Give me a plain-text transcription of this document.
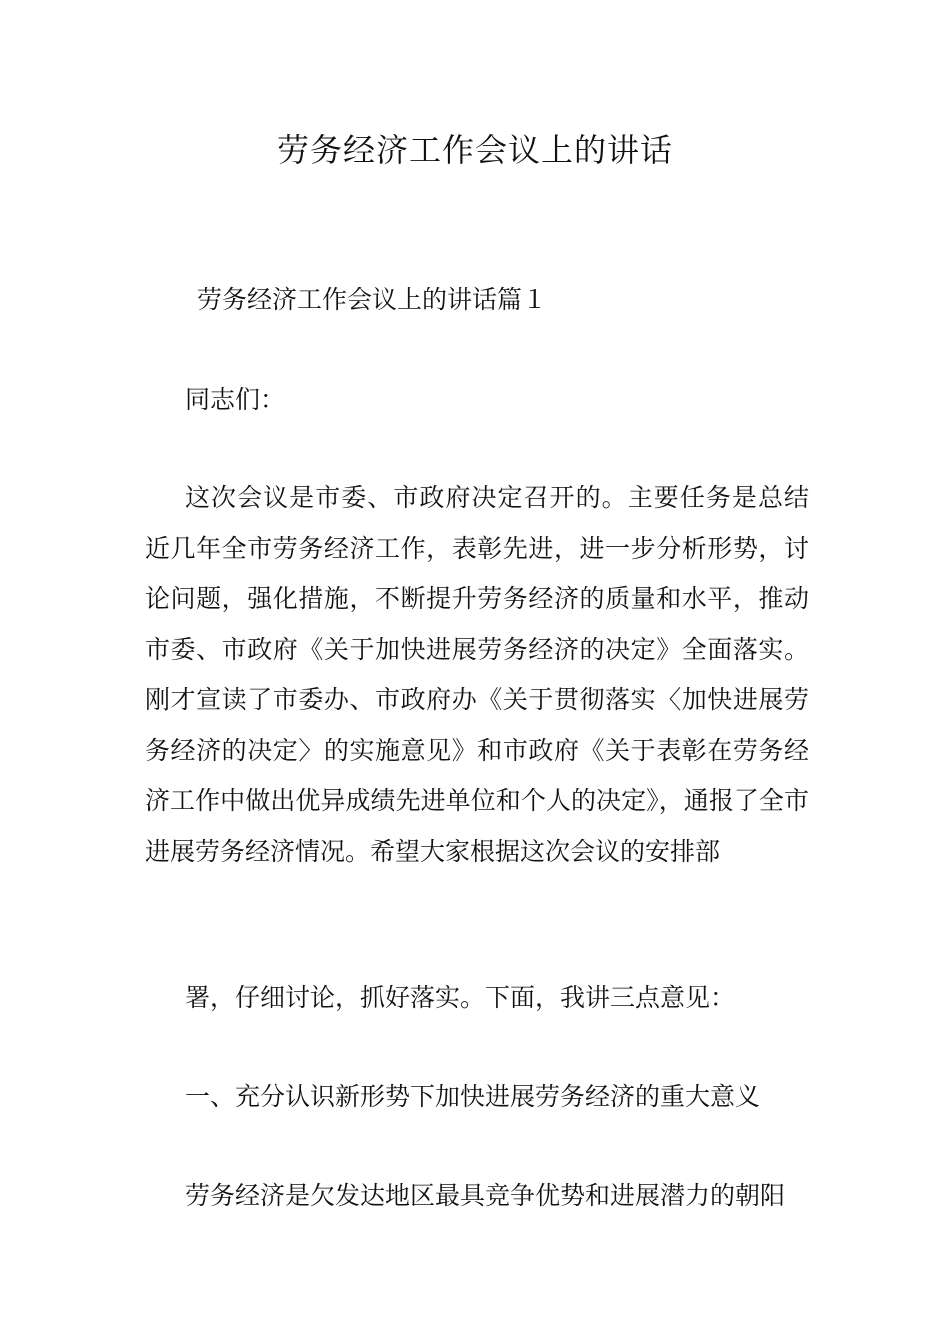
劳务经济工作会议上的讲话

劳务经济工作会议上的讲话篇１

同志们：

这次会议是市委、市政府决定召开的。主要任务是总结近几年全市劳务经济工作，表彰先进，进一步分析形势，讨论问题，强化措施，不断提升劳务经济的质量和水平，推动市委、市政府《关于加快进展劳务经济的决定》全面落实。刚才宣读了市委办、市政府办《关于贯彻落实〈加快进展劳务经济的决定〉的实施意见》和市政府《关于表彰在劳务经济工作中做出优异成绩先进单位和个人的决定》，通报了全市进展劳务经济情况。希望大家根据这次会议的安排部

署，仔细讨论，抓好落实。下面，我讲三点意见：

一、充分认识新形势下加快进展劳务经济的重大意义

劳务经济是欠发达地区最具竞争优势和进展潜力的朝阳
